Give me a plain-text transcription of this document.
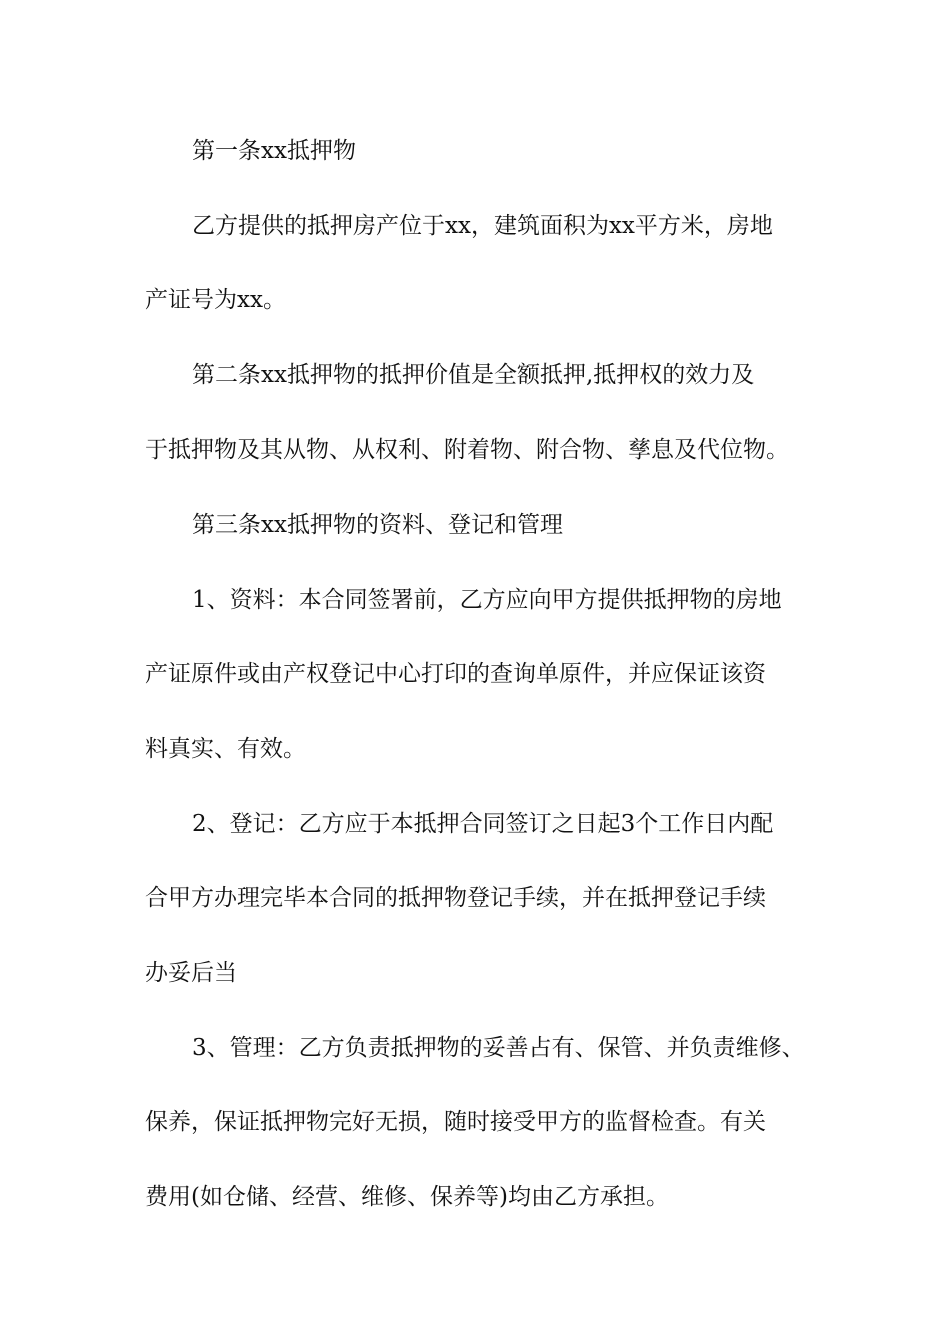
第一条xx抵押物
乙方提供的抵押房产位于xx，建筑面积为xx平方米，房地
产证号为xx。
第二条xx抵押物的抵押价值是全额抵押,抵押权的效力及
于抵押物及其从物、从权利、附着物、附合物、孳息及代位物。
第三条xx抵押物的资料、登记和管理
1、资料：本合同签署前，乙方应向甲方提供抵押物的房地
产证原件或由产权登记中心打印的查询单原件，并应保证该资
料真实、有效。
2、登记：乙方应于本抵押合同签订之日起3个工作日内配
合甲方办理完毕本合同的抵押物登记手续，并在抵押登记手续
办妥后当
3、管理：乙方负责抵押物的妥善占有、保管、并负责维修、
保养，保证抵押物完好无损，随时接受甲方的监督检查。有关
费用(如仓储、经营、维修、保养等)均由乙方承担。
